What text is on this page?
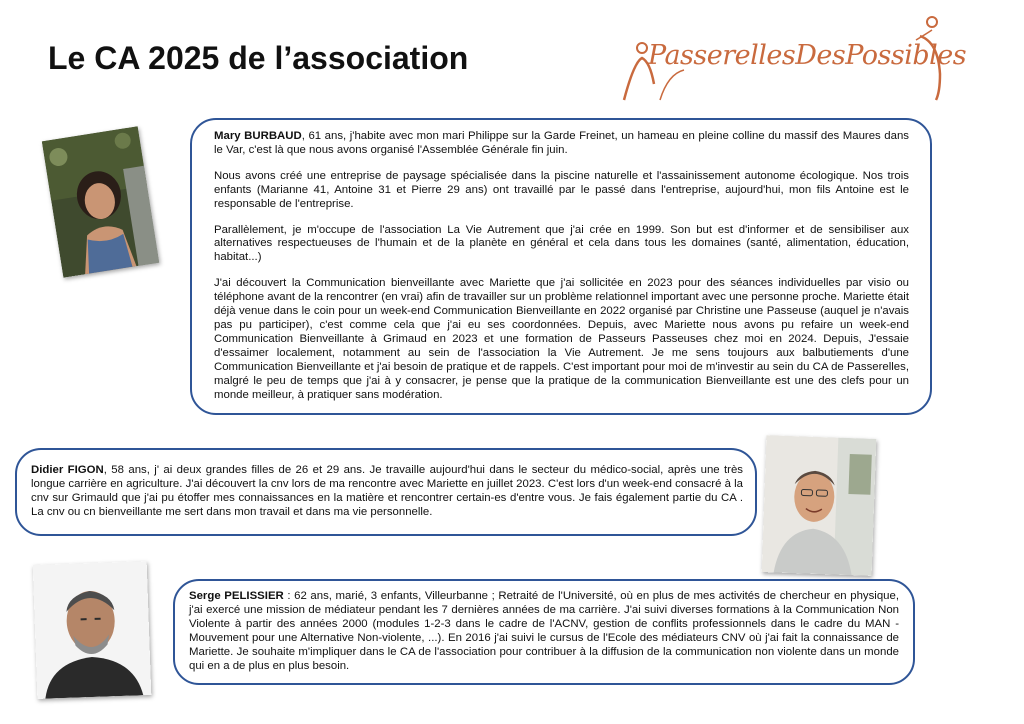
Le CA 2025 de l’association	PasserellesDesPossibles

Mary BURBAUD, 61 ans, j'habite avec mon mari Philippe sur la Garde Freinet, un hameau en pleine colline du massif des Maures dans le Var, c'est là que nous avons organisé l'Assemblée Générale fin juin.

Nous avons créé une entreprise de paysage spécialisée dans la piscine naturelle et l'assainissement autonome écologique. Nos trois enfants (Marianne 41, Antoine 31 et Pierre 29 ans) ont travaillé par le passé dans l'entreprise, aujourd'hui, mon fils Antoine est le responsable de l'entreprise.

Parallèlement, je m'occupe de l'association La Vie Autrement que j'ai crée en 1999. Son but est d'informer et de sensibiliser aux alternatives respectueuses de l'humain et de la planète en général et cela dans tous les domaines (santé, alimentation, éducation, habitat...)

J'ai découvert la Communication bienveillante avec Mariette que j'ai sollicitée en 2023 pour des séances individuelles par visio ou téléphone avant de la rencontrer (en vrai) afin de travailler sur un problème relationnel important avec une personne proche. Mariette était déjà venue dans le coin pour un week-end Communication Bienveillante en 2022 organisé par Christine une Passeuse (auquel je n'avais pas pu participer), c'est comme cela que j'ai eu ses coordonnées. Depuis, avec Mariette nous avons pu refaire un week-end Communication Bienveillante à Grimaud en 2023 et une formation de Passeurs Passeuses chez moi en 2024. Depuis, J'essaie d'essaimer localement, notamment au sein de l'association la Vie Autrement. Je me sens toujours aux balbutiements d'une Communication Bienveillante et j'ai besoin de pratique et de rappels. C'est important pour moi de m'investir au sein du CA de Passerelles, malgré le peu de temps que j'ai à y consacrer, je pense que la pratique de la communication Bienveillante est une des clefs pour un monde meilleur, à pratiquer sans modération.

Didier FIGON, 58 ans, j' ai deux grandes filles de 26 et 29 ans. Je travaille aujourd'hui dans le secteur du médico-social, après une très longue carrière en agriculture. J'ai découvert la cnv lors de ma rencontre avec Mariette en juillet 2023. C'est lors d'un week-end consacré à la cnv sur Grimauld que j'ai pu étoffer mes connaissances en la matière et rencontrer certain-es d'entre vous. Je fais également partie du CA . La cnv ou cn bienveillante me sert dans mon travail et dans ma vie personnelle.

Serge PELISSIER : 62 ans, marié, 3 enfants, Villeurbanne ; Retraité de l'Université, où en plus de mes activités de chercheur en physique, j'ai exercé une mission de médiateur pendant les 7 dernières années de ma carrière. J'ai suivi diverses formations à la Communication Non Violente à partir des années 2000 (modules 1-2-3 dans le cadre de l'ACNV, gestion de conflits professionnels dans le cadre du MAN - Mouvement pour une Alternative Non-violente, ...). En 2016 j'ai suivi le cursus de l'Ecole des médiateurs CNV où j'ai fait la connaissance de Mariette. Je souhaite m'impliquer dans le CA de l'association pour contribuer à la diffusion de la communication non violente dans un monde qui en a de plus en plus besoin.
